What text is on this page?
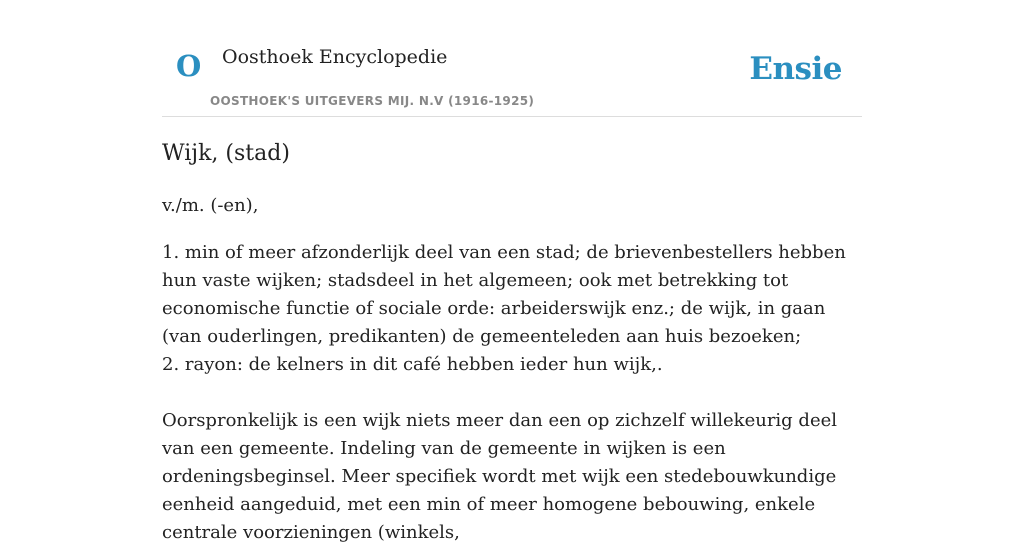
O Oosthoek Encyclopedie
OOSTHOEK'S UITGEVERS MIJ. N.V (1916-1925)
Ensie
Wijk, (stad)
v./m. (-en),
1. min of meer afzonderlijk deel van een stad; de brievenbestellers hebben hun vaste wijken; stadsdeel in het algemeen; ook met betrekking tot economische functie of sociale orde: arbeiderswijk enz.; de wijk, in gaan (van ouderlingen, predikanten) de gemeenteleden aan huis bezoeken;
2. rayon: de kelners in dit café hebben ieder hun wijk,.

Oorspronkelijk is een wijk niets meer dan een op zichzelf willekeurig deel van een gemeente. Indeling van de gemeente in wijken is een ordeningsbeginsel. Meer specifiek wordt met wijk een stedebouwkundige eenheid aangeduid, met een min of meer homogene bebouwing, enkele centrale voorzieningen (winkels,
